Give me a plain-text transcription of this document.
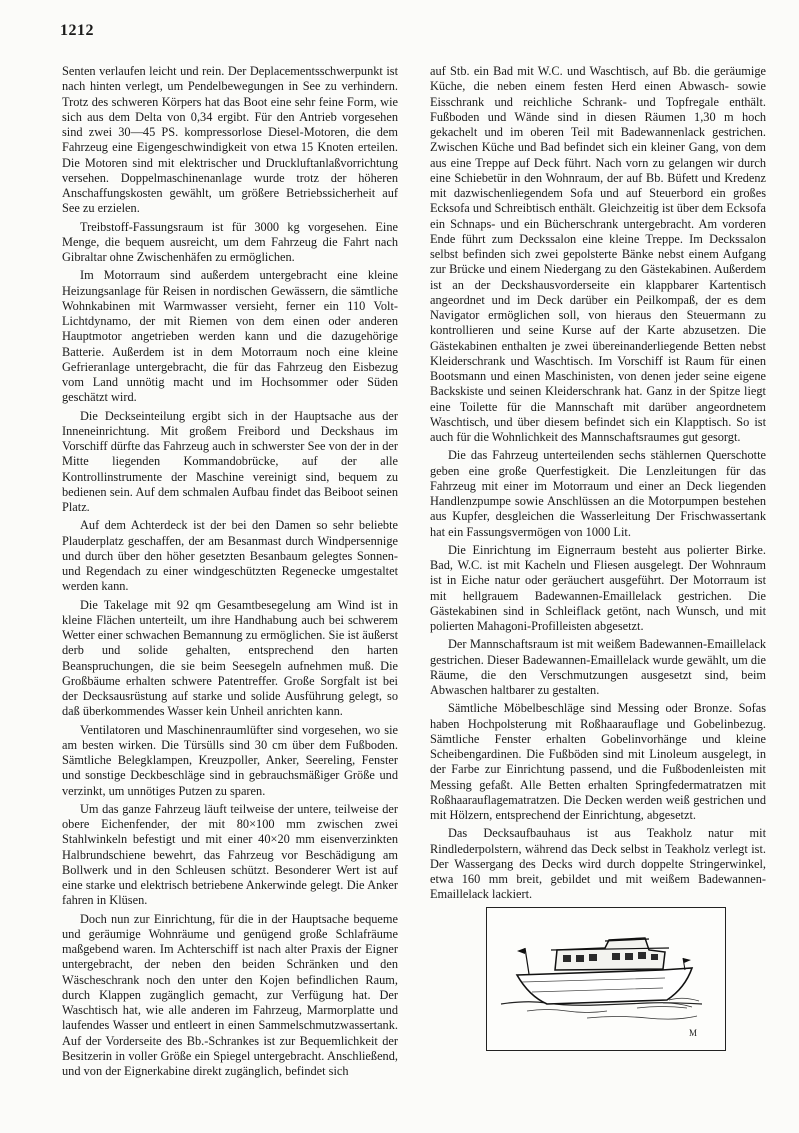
1212

Senten verlaufen leicht und rein. Der Deplacementsschwerpunkt ist nach hinten verlegt, um Pendelbewegungen in See zu verhindern. Trotz des schweren Körpers hat das Boot eine sehr feine Form, wie sich aus dem Delta von 0,34 ergibt. Für den Antrieb vorgesehen sind zwei 30—45 PS. kompressorlose Diesel-Motoren, die dem Fahrzeug eine Eigengeschwindigkeit von etwa 15 Knoten erteilen. Die Motoren sind mit elektrischer und Druckluftanlaßvorrichtung versehen. Doppelmaschinenanlage wurde trotz der höheren Anschaffungskosten gewählt, um größere Betriebssicherheit auf See zu erzielen.

Treibstoff-Fassungsraum ist für 3000 kg vorgesehen. Eine Menge, die bequem ausreicht, um dem Fahrzeug die Fahrt nach Gibraltar ohne Zwischenhäfen zu ermöglichen.

Im Motorraum sind außerdem untergebracht eine kleine Heizungsanlage für Reisen in nordischen Gewässern, die sämtliche Wohnkabinen mit Warmwasser versieht, ferner ein 110 Volt-Lichtdynamo, der mit Riemen von dem einen oder anderen Hauptmotor angetrieben werden kann und die dazugehörige Batterie. Außerdem ist in dem Motorraum noch eine kleine Gefrieranlage untergebracht, die für das Fahrzeug den Eisbezug vom Land unnötig macht und im Hochsommer oder Süden geschätzt wird.

Die Deckseinteilung ergibt sich in der Hauptsache aus der Inneneinrichtung. Mit großem Freibord und Deckshaus im Vorschiff dürfte das Fahrzeug auch in schwerster See von der in der Mitte liegenden Kommandobrücke, auf der alle Kontrollinstrumente der Maschine vereinigt sind, bequem zu bedienen sein. Auf dem schmalen Aufbau findet das Beiboot seinen Platz.

Auf dem Achterdeck ist der bei den Damen so sehr beliebte Plauderplatz geschaffen, der am Besanmast durch Windpersennige und durch über den höher gesetzten Besanbaum gelegtes Sonnen- und Regendach zu einer windgeschützten Regenecke umgestaltet werden kann.

Die Takelage mit 92 qm Gesamtbesegelung am Wind ist in kleine Flächen unterteilt, um ihre Handhabung auch bei schwerem Wetter einer schwachen Bemannung zu ermöglichen. Sie ist äußerst derb und solide gehalten, entsprechend den harten Beanspruchungen, die sie beim Seesegeln aufnehmen muß. Die Großbäume erhalten schwere Patentreffer. Große Sorgfalt ist bei der Decksausrüstung auf starke und solide Ausführung gelegt, so daß überkommendes Wasser kein Unheil anrichten kann.

Ventilatoren und Maschinenraumlüfter sind vorgesehen, wo sie am besten wirken. Die Türsülls sind 30 cm über dem Fußboden. Sämtliche Belegklampen, Kreuzpoller, Anker, Seereling, Fenster und sonstige Deckbeschläge sind in gebrauchsmäßiger Größe und verzinkt, um unnötiges Putzen zu sparen.

Um das ganze Fahrzeug läuft teilweise der untere, teilweise der obere Eichenfender, der mit 80×100 mm zwischen zwei Stahlwinkeln befestigt und mit einer 40×20 mm eisenverzinkten Halbrundschiene bewehrt, das Fahrzeug vor Beschädigung am Bollwerk und in den Schleusen schützt. Besonderer Wert ist auf eine starke und elektrisch betriebene Ankerwinde gelegt. Die Anker fahren in Klüsen.

Doch nun zur Einrichtung, für die in der Hauptsache bequeme und geräumige Wohnräume und genügend große Schlafräume maßgebend waren. Im Achterschiff ist nach alter Praxis der Eigner untergebracht, der neben den beiden Schränken und den Wäscheschrank noch den unter den Kojen befindlichen Raum, durch Klappen zugänglich gemacht, zur Verfügung hat. Der Waschtisch hat, wie alle anderen im Fahrzeug, Marmorplatte und laufendes Wasser und entleert in einen Sammelschmutzwassertank. Auf der Vorderseite des Bb.-Schrankes ist zur Bequemlichkeit der Besitzerin in voller Größe ein Spiegel untergebracht. Anschließend, und von der Eignerkabine direkt zugänglich, befindet sich

auf Stb. ein Bad mit W.C. und Waschtisch, auf Bb. die geräumige Küche, die neben einem festen Herd einen Abwasch- sowie Eisschrank und reichliche Schrank- und Topfregale enthält. Fußboden und Wände sind in diesen Räumen 1,30 m hoch gekachelt und im oberen Teil mit Badewannenlack gestrichen. Zwischen Küche und Bad befindet sich ein kleiner Gang, von dem aus eine Treppe auf Deck führt. Nach vorn zu gelangen wir durch eine Schiebetür in den Wohnraum, der auf Bb. Büfett und Kredenz mit dazwischenliegendem Sofa und auf Steuerbord ein großes Ecksofa und Schreibtisch enthält. Gleichzeitig ist über dem Ecksofa ein Schnaps- und ein Bücherschrank untergebracht. Am vorderen Ende führt zum Deckssalon eine kleine Treppe. Im Deckssalon selbst befinden sich zwei gepolsterte Bänke nebst einem Aufgang zur Brücke und einem Niedergang zu den Gästekabinen. Außerdem ist an der Deckshausvorderseite ein klappbarer Kartentisch angeordnet und im Deck darüber ein Peilkompaß, der es dem Navigator ermöglichen soll, von hieraus den Steuermann zu kontrollieren und seine Kurse auf der Karte abzusetzen. Die Gästekabinen enthalten je zwei übereinanderliegende Betten nebst Kleiderschrank und Waschtisch. Im Vorschiff ist Raum für einen Bootsmann und einen Maschinisten, von denen jeder seine eigene Backskiste und seinen Kleiderschrank hat. Ganz in der Spitze liegt eine Toilette für die Mannschaft mit darüber angeordnetem Waschtisch, und über diesem befindet sich ein Klapptisch. So ist auch für die Wohnlichkeit des Mannschaftsraumes gut gesorgt.

Die das Fahrzeug unterteilenden sechs stählernen Querschotte geben eine große Querfestigkeit. Die Lenzleitungen für das Fahrzeug mit einer im Motorraum und einer an Deck liegenden Handlenzpumpe sowie Anschlüssen an die Motorpumpen bestehen aus Kupfer, desgleichen die Wasserleitung Der Frischwassertank hat ein Fassungsvermögen von 1000 Lit.

Die Einrichtung im Eignerraum besteht aus polierter Birke. Bad, W.C. ist mit Kacheln und Fliesen ausgelegt. Der Wohnraum ist in Eiche natur oder geräuchert ausgeführt. Der Motorraum ist mit hellgrauem Badewannen-Emaillelack gestrichen. Die Gästekabinen sind in Schleiflack getönt, nach Wunsch, und mit polierten Mahagoni-Profilleisten abgesetzt.

Der Mannschaftsraum ist mit weißem Badewannen-Emaillelack gestrichen. Dieser Badewannen-Emaillelack wurde gewählt, um die Räume, die den Verschmutzungen ausgesetzt sind, beim Abwaschen haltbarer zu gestalten.

Sämtliche Möbelbeschläge sind Messing oder Bronze. Sofas haben Hochpolsterung mit Roßhaarauflage und Gobelinbezug. Sämtliche Fenster erhalten Gobelinvorhänge und kleine Scheibengardinen. Die Fußböden sind mit Linoleum ausgelegt, in der Farbe zur Einrichtung passend, und die Fußbodenleisten mit Messing gefaßt. Alle Betten erhalten Springfedermatratzen mit Roßhaarauflagematratzen. Die Decken werden weiß gestrichen und mit Hölzern, entsprechend der Einrichtung, abgesetzt.

Das Decksaufbauhaus ist aus Teakholz natur mit Rindlederpolstern, während das Deck selbst in Teakholz verlegt ist. Der Wassergang des Decks wird durch doppelte Stringerwinkel, etwa 160 mm breit, gebildet und mit weißem Badewannen-Emaillelack lackiert.

M
